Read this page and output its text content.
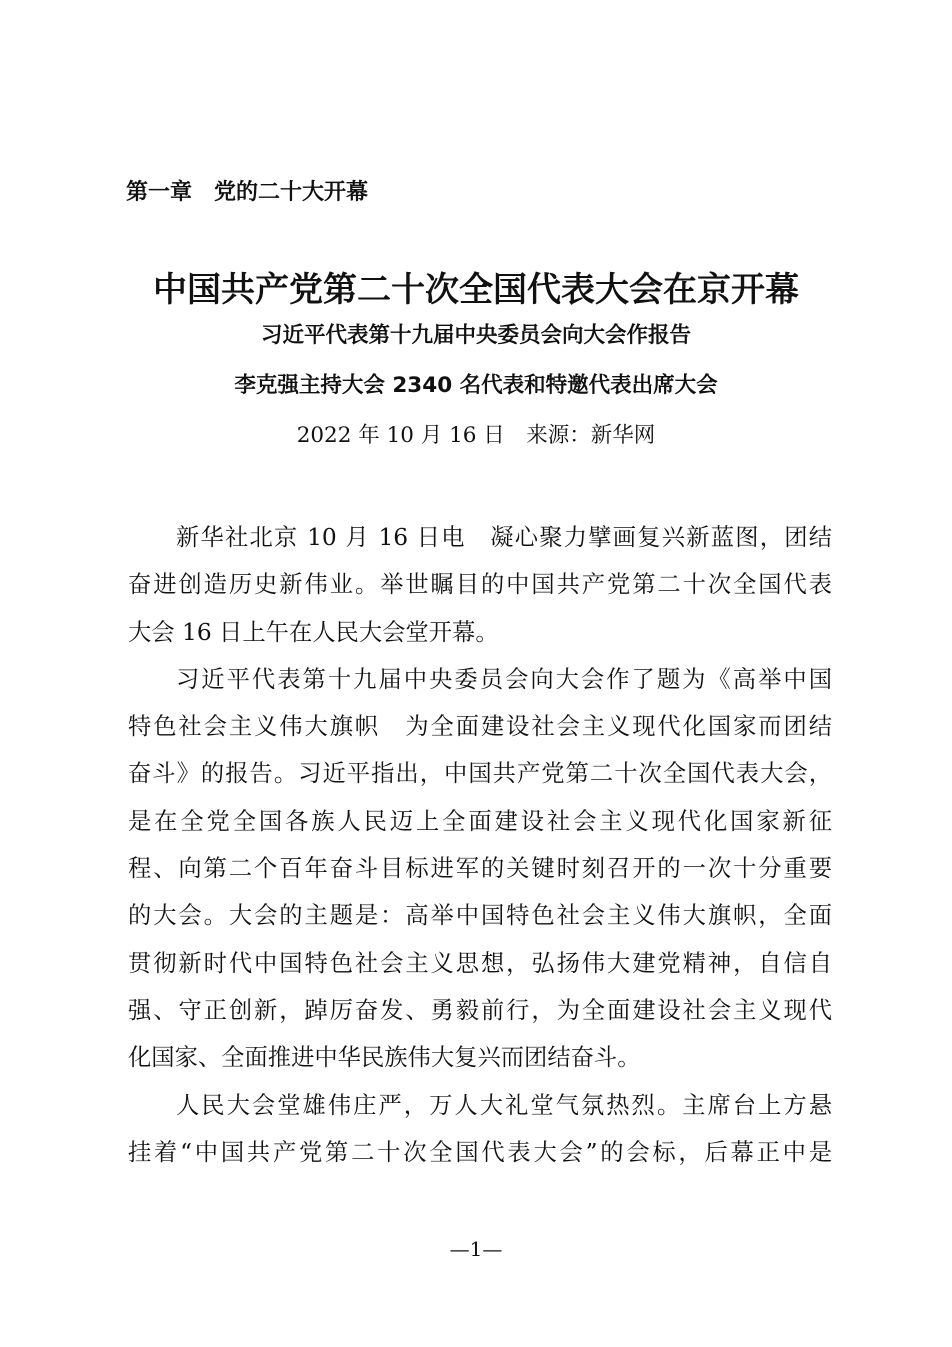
第一章　党的二十大开幕
中国共产党第二十次全国代表大会在京开幕
习近平代表第十九届中央委员会向大会作报告
李克强主持大会 2340 名代表和特邀代表出席大会
2022 年 10 月 16 日　来源：新华网
新华社北京 10 月 16 日电　凝心聚力擘画复兴新蓝图，团结
奋进创造历史新伟业。举世瞩目的中国共产党第二十次全国代表
大会 16 日上午在人民大会堂开幕。
习近平代表第十九届中央委员会向大会作了题为《高举中国
特色社会主义伟大旗帜　为全面建设社会主义现代化国家而团结
奋斗》的报告。习近平指出，中国共产党第二十次全国代表大会，
是在全党全国各族人民迈上全面建设社会主义现代化国家新征
程、向第二个百年奋斗目标进军的关键时刻召开的一次十分重要
的大会。大会的主题是：高举中国特色社会主义伟大旗帜，全面
贯彻新时代中国特色社会主义思想，弘扬伟大建党精神，自信自
强、守正创新，踔厉奋发、勇毅前行，为全面建设社会主义现代
化国家、全面推进中华民族伟大复兴而团结奋斗。
人民大会堂雄伟庄严，万人大礼堂气氛热烈。主席台上方悬
挂着“中国共产党第二十次全国代表大会”的会标，后幕正中是
—1—
